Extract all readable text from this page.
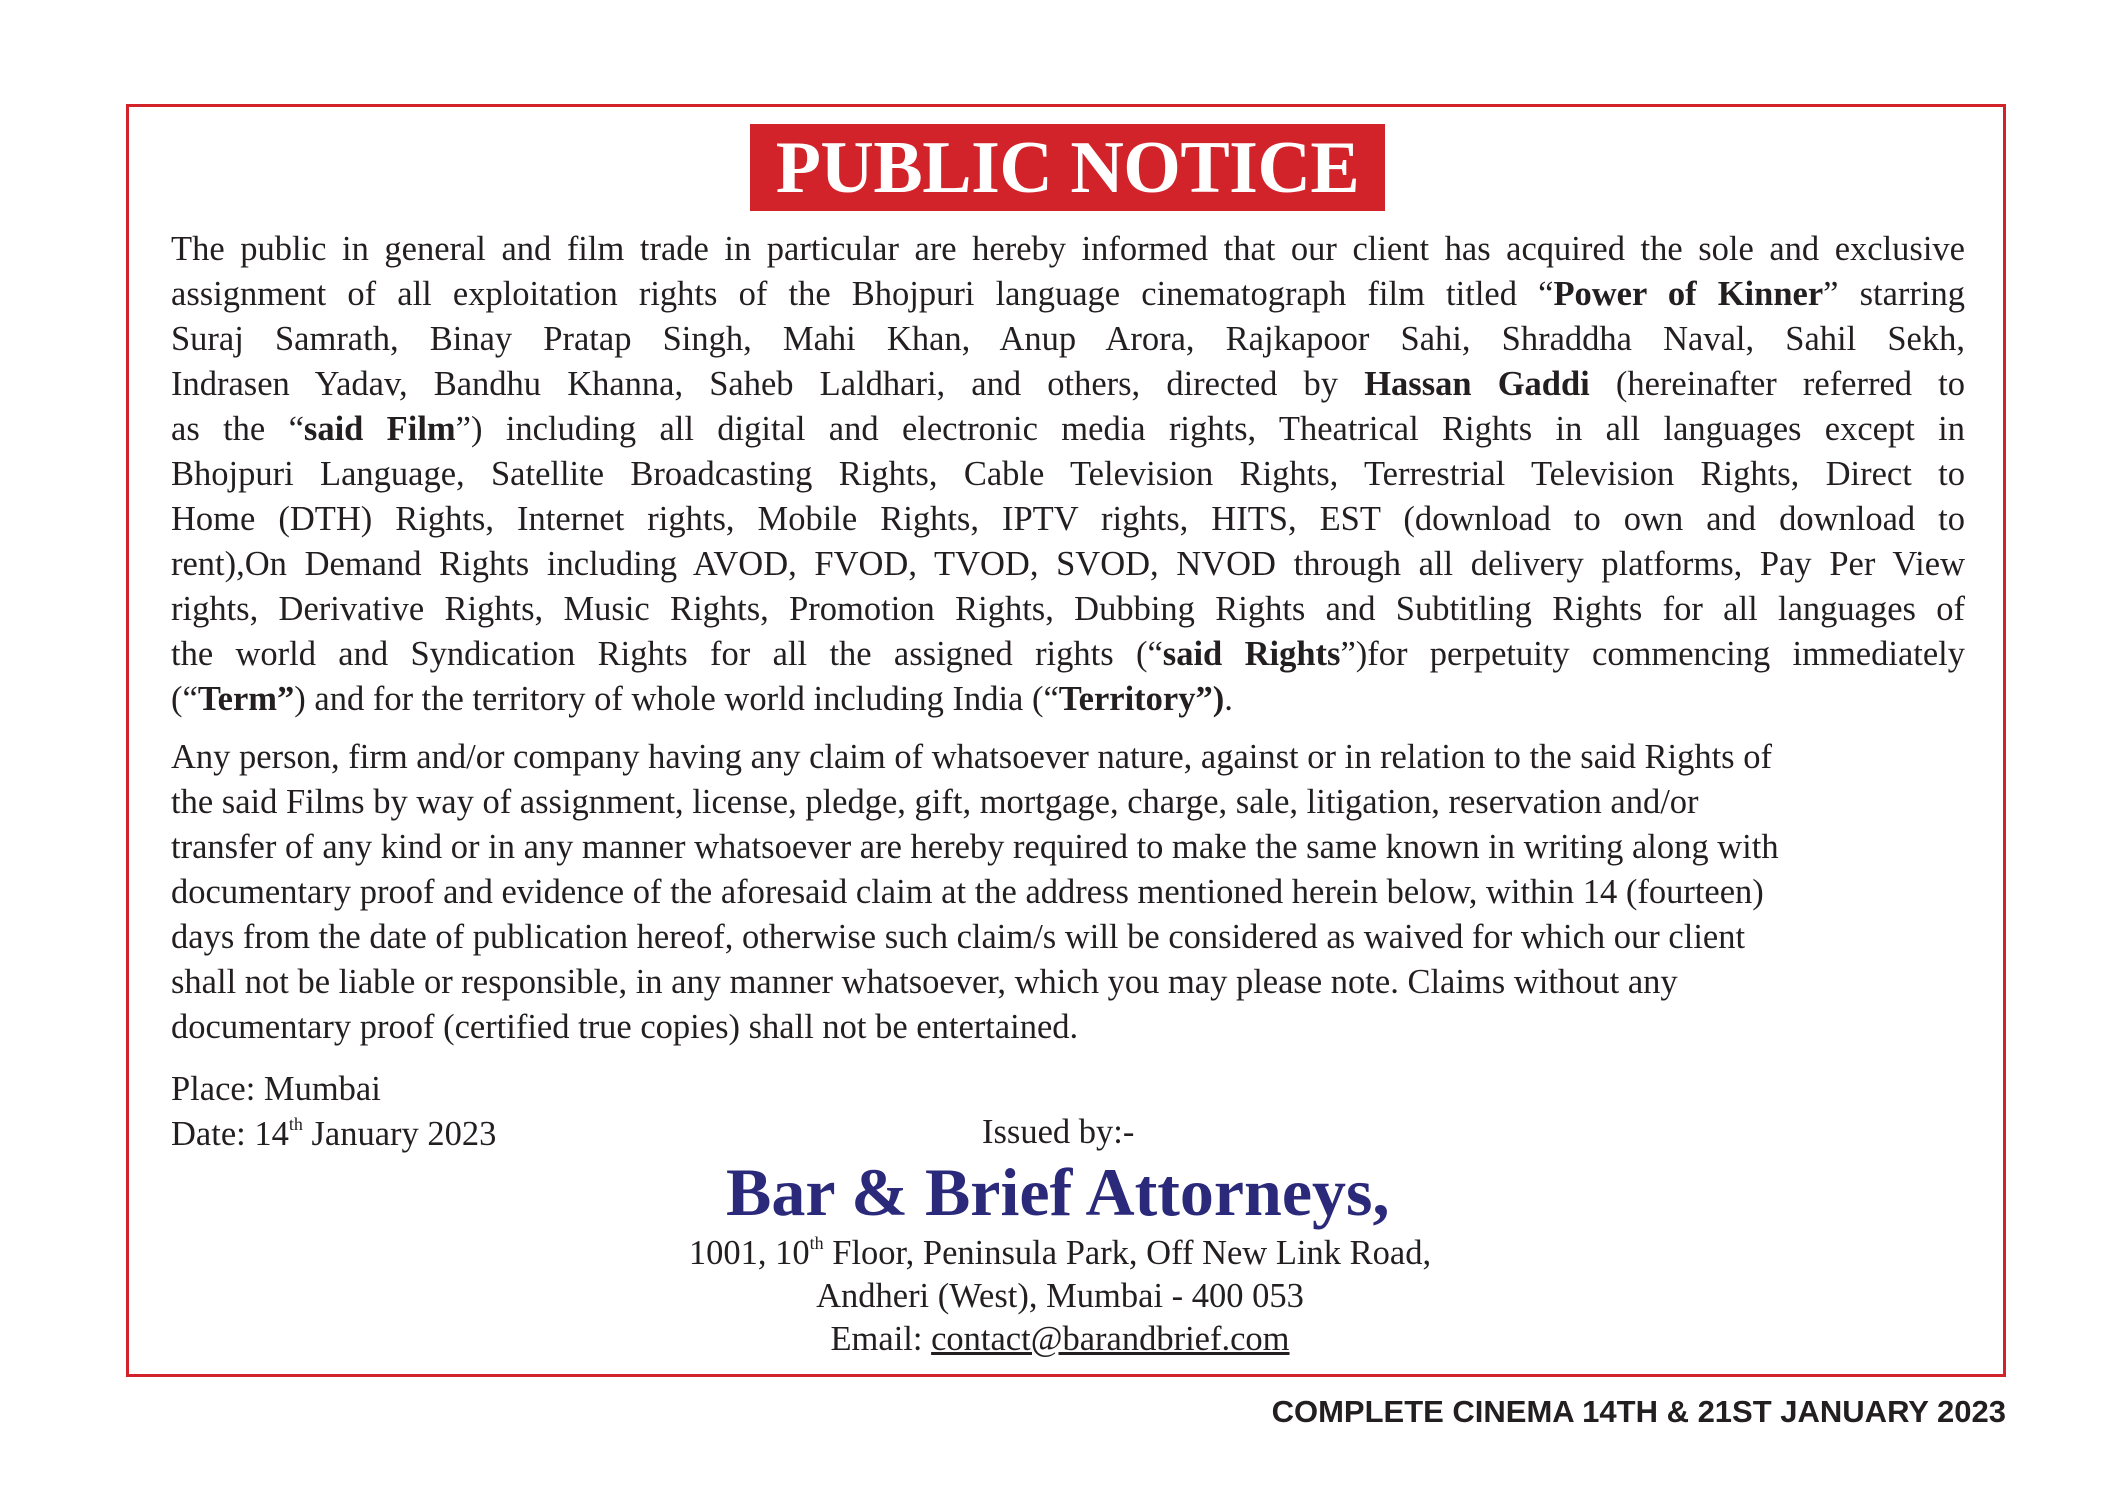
PUBLIC NOTICE

The public in general and film trade in particular are hereby informed that our client has acquired the sole and exclusive

assignment of all exploitation rights of the Bhojpuri language cinematograph film titled “Power of Kinner” starring

Suraj Samrath, Binay Pratap Singh, Mahi Khan, Anup Arora, Rajkapoor Sahi, Shraddha Naval, Sahil Sekh,

Indrasen Yadav, Bandhu Khanna, Saheb Laldhari, and others, directed by Hassan Gaddi (hereinafter referred to

as the “said Film”) including all digital and electronic media rights, Theatrical Rights in all languages except in

Bhojpuri Language, Satellite Broadcasting Rights, Cable Television Rights, Terrestrial Television Rights, Direct to

Home (DTH) Rights, Internet rights, Mobile Rights, IPTV rights, HITS, EST (download to own and download to

rent),On Demand Rights including AVOD, FVOD, TVOD, SVOD, NVOD through all delivery platforms, Pay Per View

rights, Derivative Rights, Music Rights, Promotion Rights, Dubbing Rights and Subtitling Rights for all languages of

the world and Syndication Rights for all the assigned rights (“said Rights”)for perpetuity commencing immediately

(“Term”) and for the territory of whole world including India (“Territory”).

Any person, firm and/or company having any claim of whatsoever nature, against or in relation to the said Rights of

the said Films by way of assignment, license, pledge, gift, mortgage, charge, sale, litigation, reservation and/or

transfer of any kind or in any manner whatsoever are hereby required to make the same known in writing along with

documentary proof and evidence of the aforesaid claim at the address mentioned herein below, within 14 (fourteen)

days from the date of publication hereof, otherwise such claim/s will be considered as waived for which our client

shall not be liable or responsible, in any manner whatsoever, which you may please note. Claims without any

documentary proof (certified true copies) shall not be entertained.

Place: Mumbai
Date: 14th January 2023	Issued by:-
Bar & Brief Attorneys,
1001, 10th Floor, Peninsula Park, Off New Link Road,
Andheri (West), Mumbai - 400 053
Email: contact@barandbrief.com
COMPLETE CINEMA 14TH & 21ST JANUARY 2023
